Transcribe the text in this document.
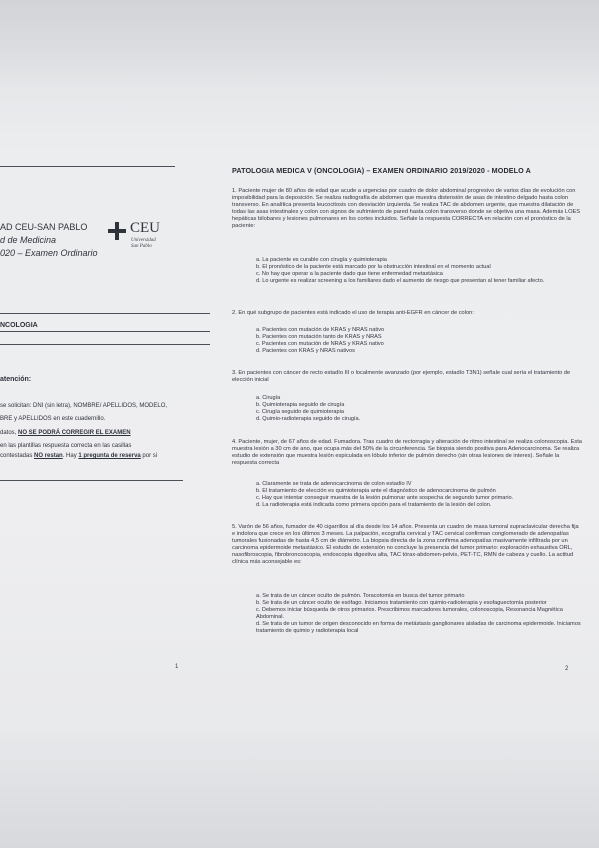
AD CEU-SAN PABLO
d de Medicina
020 – Examen Ordinario
CEU
Universidad
San Pablo
NCOLOGIA
atención:
se solicitan: DNI (sin letra), NOMBRE/ APELLIDOS, MODELO,
BRE y APELLIDOS en este cuadernillo.
datos, NO SE PODRÁ CORREGIR EL EXAMEN
en las plantillas respuesta correcta en las casillas
contestadas NO restan. Hay 1 pregunta de reserva por si
1
PATOLOGIA MEDICA V (ONCOLOGIA) – EXAMEN ORDINARIO 2019/2020 - MODELO A
1. Paciente mujer de 80 años de edad que acude a urgencias por cuadro de dolor abdominal progresivo de varios días de evolución con imposibilidad para la deposición. Se realiza radiografía de abdomen que muestra distensión de asas de intestino delgado hasta colon transverso. En analítica presenta leucocitosis con desviación izquierda. Se realiza TAC de abdomen urgente, que muestra dilatación de todas las asas intestinales y colon con signos de sufrimiento de pared hasta colon transverso donde se objetiva una masa. Además LOES hepáticas bilobares y lesiones pulmonares en los cortes incluidos. Señale la respuesta CORRECTA en relación con el pronóstico de la paciente:
a. La paciente es curable con cirugía y quimioterapia
b. El pronóstico de la paciente está marcado por la obstrucción intestinal en el momento actual
c. No hay que operar a la paciente dado que tiene enfermedad metastásica
d. Lo urgente es realizar screening a los familiares dado el aumento de riesgo que presentan al tener familiar afecto.
2. En qué subgrupo de pacientes está indicado el uso de terapia anti-EGFR en cáncer de colon:
a. Pacientes con mutación de KRAS y NRAS nativo
b. Pacientes con mutación tanto de KRAS y NRAS
c. Pacientes con mutación de NRAS y KRAS nativo
d. Pacientes con KRAS y NRAS nativos
3. En pacientes con cáncer de recto estadío III o localmente avanzado (por ejemplo, estadío T3N1) señale cual sería el tratamiento de elección inicial
a. Cirugía
b. Quimioterapia seguido de cirugía
c. Cirugía seguido de quimioterapia
d. Quimio-radioterapia seguido de cirugía.
4. Paciente, mujer, de 67 años de edad. Fumadora. Tras cuadro de rectorragia y alteración de ritmo intestinal se realiza colonoscopia. Esta muestra lesión a 30 cm de ano, que ocupa más del 50% de la circunferencia. Se biopsia siendo positiva para Adenocarcinoma. Se realiza estudio de extensión que muestra lesión espiculada en lóbulo inferior de pulmón derecho (sin otras lesiones de interes). Señale la respuesta correcta
a. Claramente se trata de adenocarcinoma de colon estadío IV
b. El tratamiento de elección es quimioterapia ante el diagnóstico de adenocarcinoma de pulmón
c. Hay que intentar conseguir muestra de la lesión pulmonar ante sospecha de segundo tumor primario.
d. La radioterapia está indicada como primera opción para el tratamiento de la lesión del colon.
5. Varón de 56 años, fumador de 40 cigarrillos al día desde los 14 años. Presenta un cuadro de masa tumoral supraclavicular derecha fija e indolora que crece en los últimos 3 meses. La palpación, ecografía cervical y TAC cervical confirman conglomerado de adenopatías tumorales fusionadas de hasta 4,5 cm de diámetro. La biopsia directa de la zona confirma adenopatías masivamente infiltrada por un carcinoma epidermoide metastásico. El estudio de extensión no concluye la presencia del tumor primario: exploración exhaustiva ORL, nasofibroscopia, fibrobroncoscopia, endoscopia digestiva alta, TAC tórax-abdomen-pelvis, PET-TC, RMN de cabeza y cuello. La actitud clínica más aconsejable es:
a. Se trata de un cáncer oculto de pulmón. Toracotomía en busca del tumor primario
b. Se trata de un cáncer oculto de esófago. Iniciamos tratamiento con quimio-radioterapia y esofaguectomía posterior
c. Debemos iniciar búsqueda de otros primarios. Prescribimos marcadores tumorales, colonoscopia, Resonancia Magnética Abdominal.
d. Se trata de un tumor de origen desconocido en forma de metástasis ganglionares aisladas de carcinoma epidermoide. Iniciamos tratamiento de quimio y radioterapia local
2
